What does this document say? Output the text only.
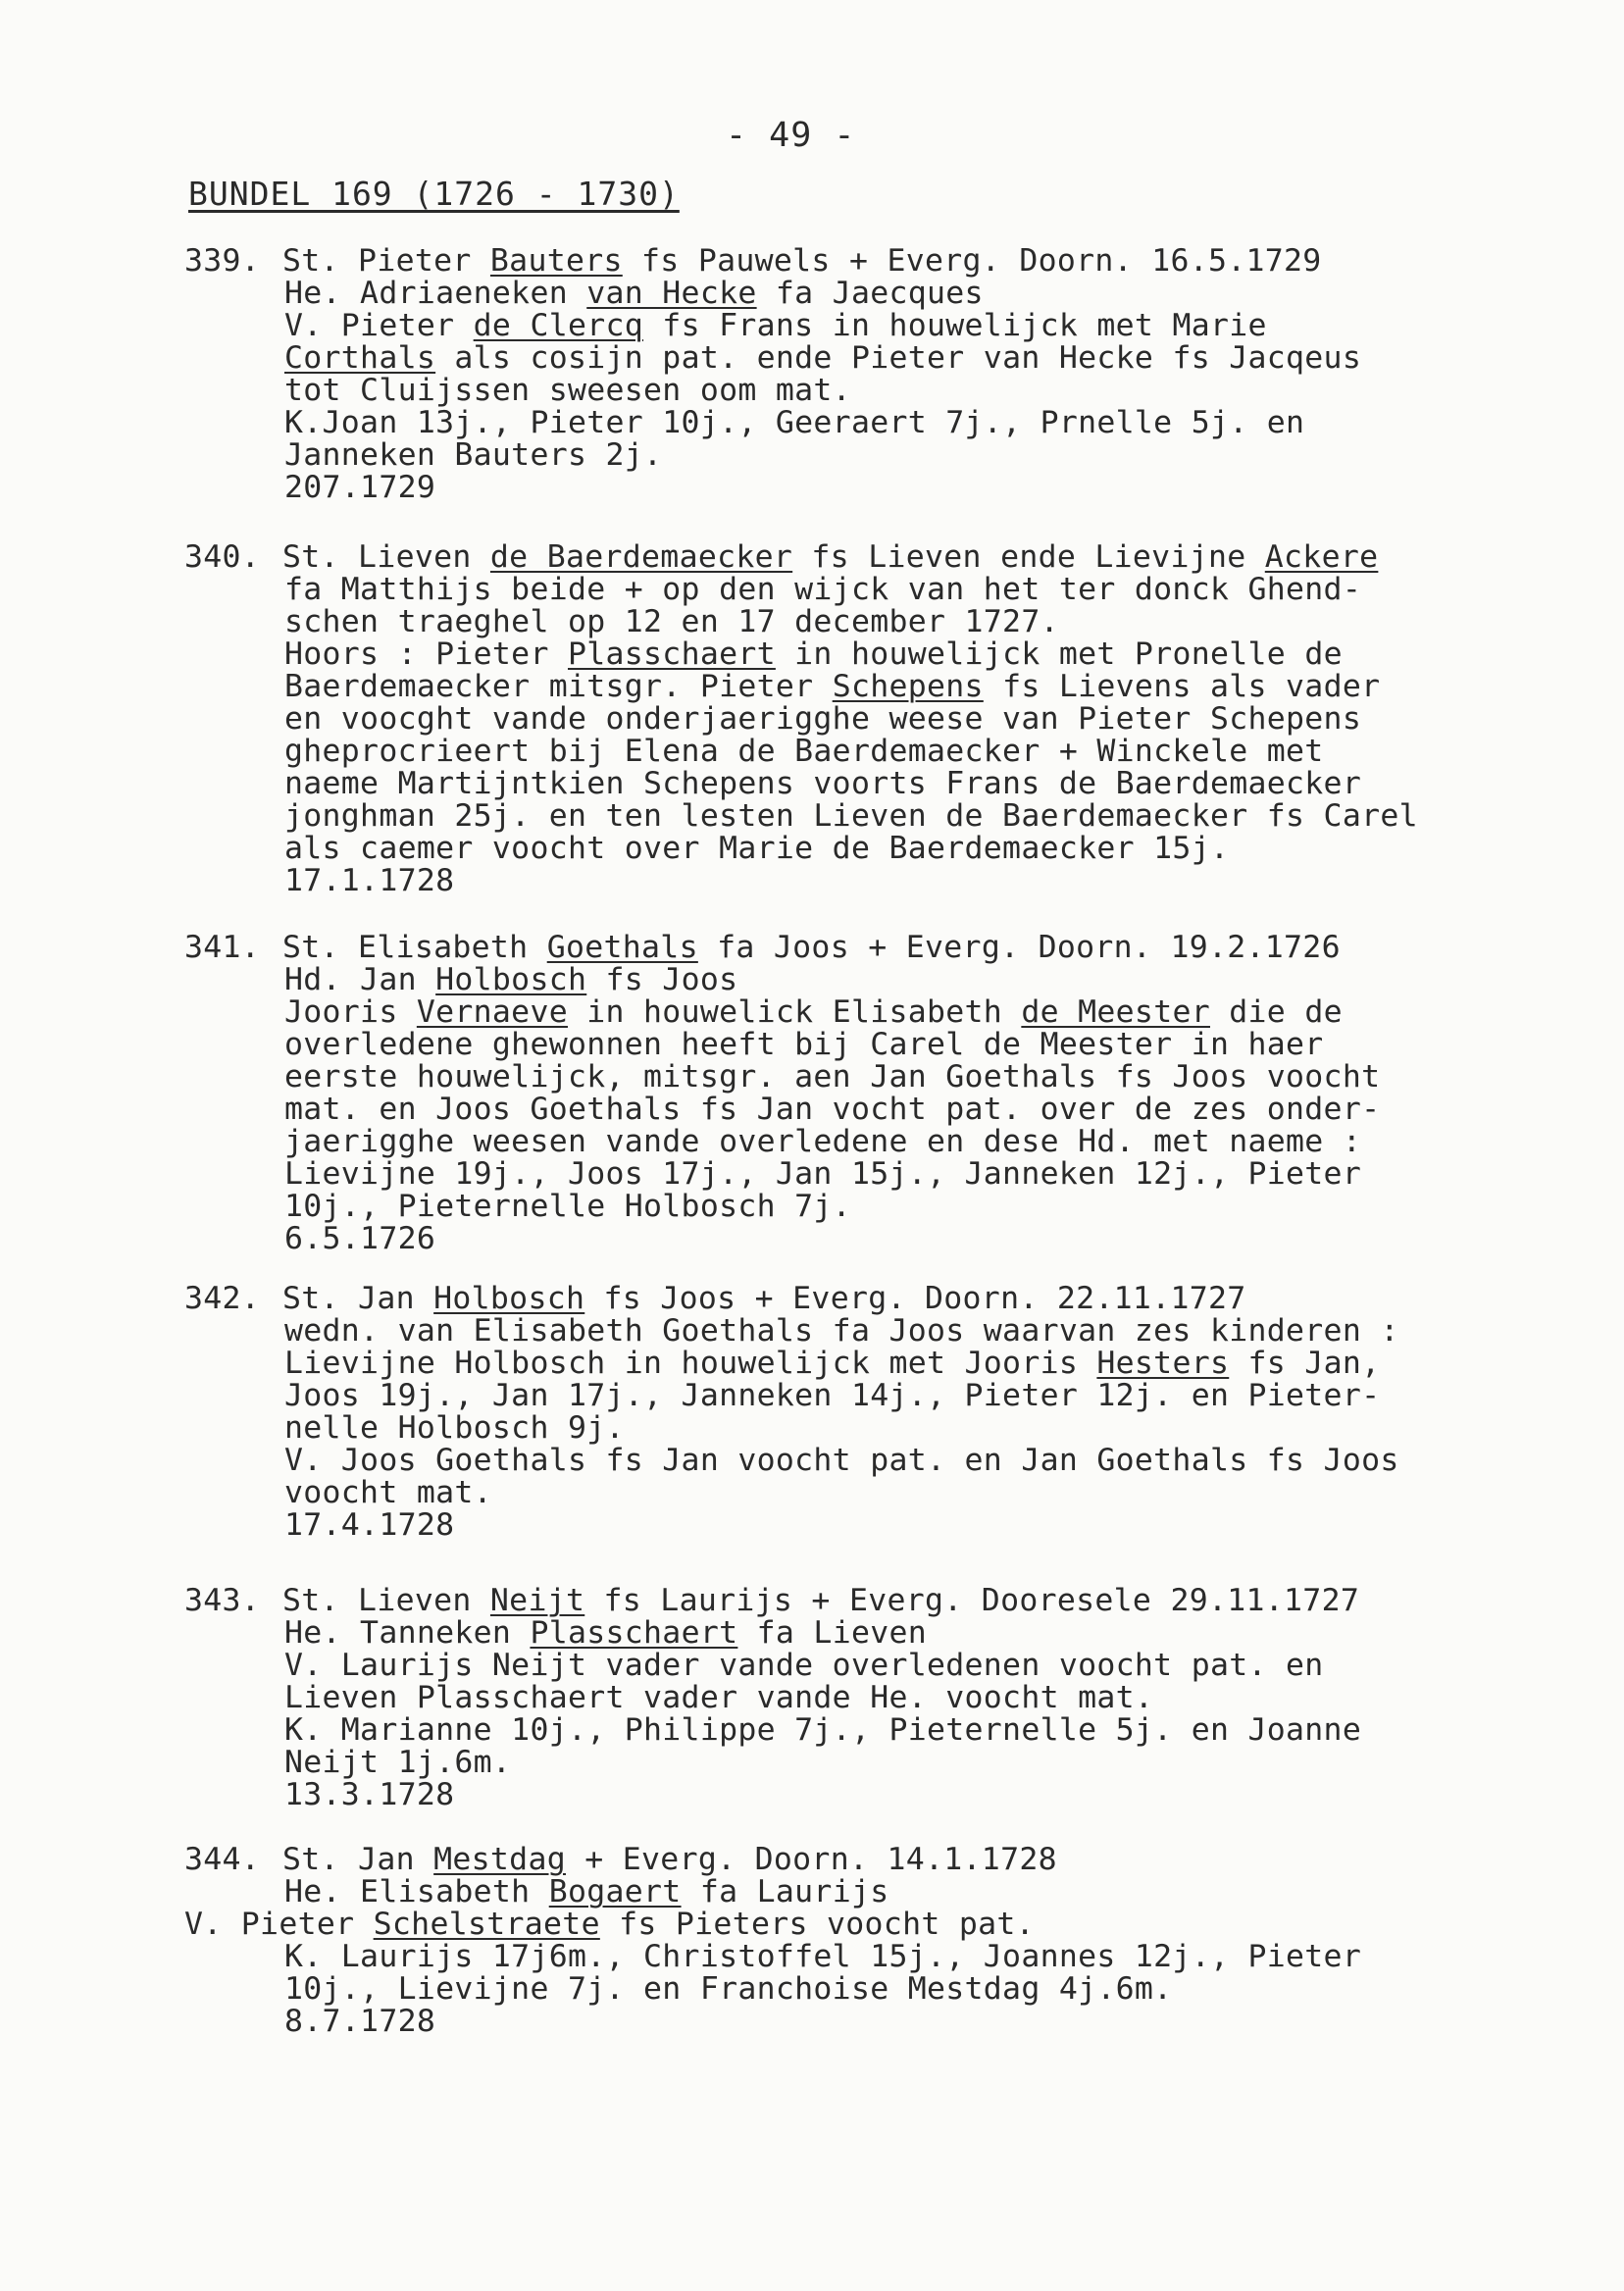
- 49 -
BUNDEL 169 (1726 - 1730)
339. St. Pieter Bauters fs Pauwels + Everg. Doorn. 16.5.1729
He. Adriaeneken van Hecke fa Jaecques
V. Pieter de Clercq fs Frans in houwelijck met Marie
Corthals als cosijn pat. ende Pieter van Hecke fs Jacqeus
tot Cluijssen sweesen oom mat.
K.Joan 13j., Pieter 10j., Geeraert 7j., Prnelle 5j. en
Janneken Bauters 2j.
207.1729
340. St. Lieven de Baerdemaecker fs Lieven ende Lievijne Ackere
fa Matthijs beide + op den wijck van het ter donck Ghend-
schen traeghel op 12 en 17 december 1727.
Hoors : Pieter Plasschaert in houwelijck met Pronelle de
Baerdemaecker mitsgr. Pieter Schepens fs Lievens als vader
en voocght vande onderjaerigghe weese van Pieter Schepens
gheprocrieert bij Elena de Baerdemaecker + Winckele met
naeme Martijntkien Schepens voorts Frans de Baerdemaecker
jonghman 25j. en ten lesten Lieven de Baerdemaecker fs Carel
als caemer voocht over Marie de Baerdemaecker 15j.
17.1.1728
341. St. Elisabeth Goethals fa Joos + Everg. Doorn. 19.2.1726
Hd. Jan Holbosch fs Joos
Jooris Vernaeve in houwelick Elisabeth de Meester die de
overledene ghewonnen heeft bij Carel de Meester in haer
eerste houwelijck, mitsgr. aen Jan Goethals fs Joos voocht
mat. en Joos Goethals fs Jan vocht pat. over de zes onder-
jaerigghe weesen vande overledene en dese Hd. met naeme :
Lievijne 19j., Joos 17j., Jan 15j., Janneken 12j., Pieter
10j., Pieternelle Holbosch 7j.
6.5.1726
342. St. Jan Holbosch fs Joos + Everg. Doorn. 22.11.1727
wedn. van Elisabeth Goethals fa Joos waarvan zes kinderen :
Lievijne Holbosch in houwelijck met Jooris Hesters fs Jan,
Joos 19j., Jan 17j., Janneken 14j., Pieter 12j. en Pieter-
nelle Holbosch 9j.
V. Joos Goethals fs Jan voocht pat. en Jan Goethals fs Joos
voocht mat.
17.4.1728
343. St. Lieven Neijt fs Laurijs + Everg. Dooresele 29.11.1727
He. Tanneken Plasschaert fa Lieven
V. Laurijs Neijt vader vande overledenen voocht pat. en
Lieven Plasschaert vader vande He. voocht mat.
K. Marianne 10j., Philippe 7j., Pieternelle 5j. en Joanne
Neijt 1j.6m.
13.3.1728
344. St. Jan Mestdag + Everg. Doorn. 14.1.1728
He. Elisabeth Bogaert fa Laurijs
V. Pieter Schelstraete fs Pieters voocht pat.
K. Laurijs 17j6m., Christoffel 15j., Joannes 12j., Pieter
10j., Lievijne 7j. en Franchoise Mestdag 4j.6m.
8.7.1728
